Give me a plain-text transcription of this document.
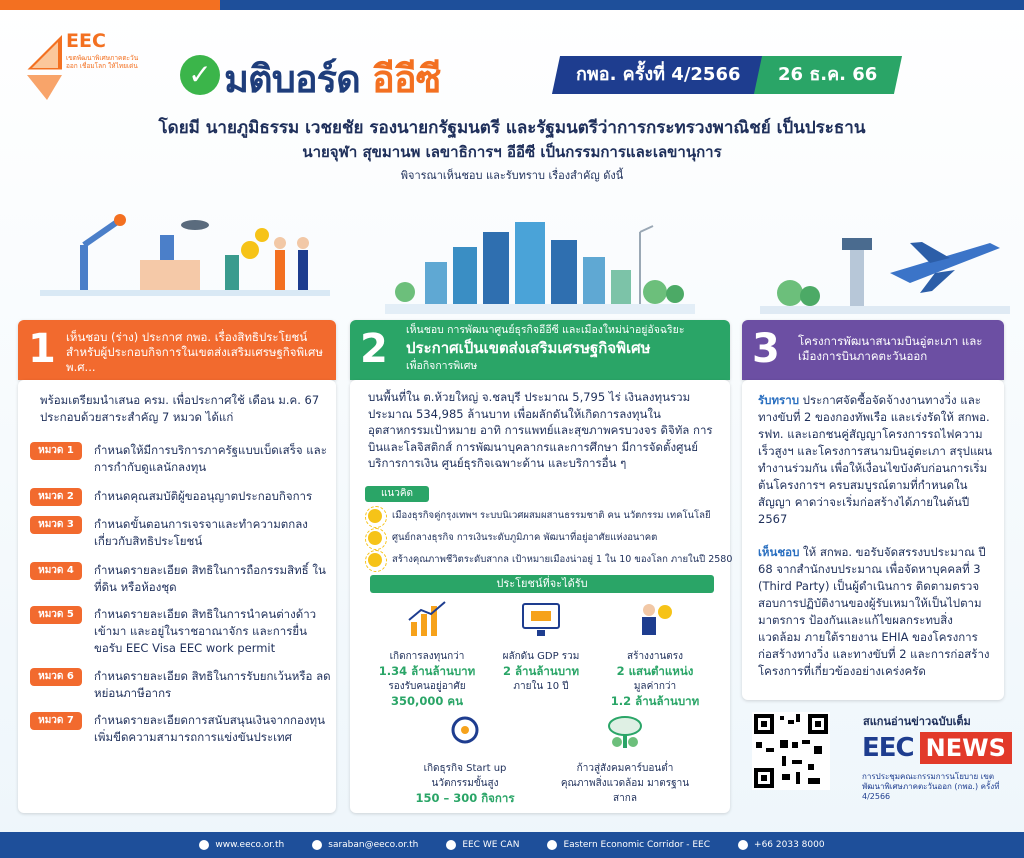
EEC
เขตพัฒนาพิเศษภาคตะวันออก เชื่อมโลก ให้ไทยเด่น ✓ มติบอร์ด อีอีซี	กพอ. ครั้งที่ 4/2566	26 ธ.ค. 66
โดยมี นายภูมิธรรม เวชยชัย รองนายกรัฐมนตรี และรัฐมนตรีว่าการกระทรวงพาณิชย์ เป็นประธาน
นายจุฬา สุขมานพ เลขาธิการฯ อีอีซี เป็นกรรมการและเลขานุการ
พิจารณาเห็นชอบ และรับทราบ เรื่องสำคัญ ดังนี้
1 เห็นชอบ (ร่าง) ประกาศ กพอ. เรื่องสิทธิประโยชน์สำหรับผู้ประกอบกิจการในเขตส่งเสริมเศรษฐกิจพิเศษ พ.ศ...
พร้อมเตรียมนำเสนอ ครม. เพื่อประกาศใช้ เดือน ม.ค. 67 ประกอบด้วยสาระสำคัญ 7 หมวด ได้แก่
หมวด 1	กำหนดให้มีการบริการภาครัฐแบบเบ็ดเสร็จ และการกำกับดูแลนักลงทุน
หมวด 2	กำหนดคุณสมบัติผู้ขออนุญาตประกอบกิจการ
หมวด 3	กำหนดขั้นตอนการเจรจาและทำความตกลง เกี่ยวกับสิทธิประโยชน์
หมวด 4	กำหนดรายละเอียด สิทธิในการถือกรรมสิทธิ์ ในที่ดิน หรือห้องชุด
หมวด 5	กำหนดรายละเอียด สิทธิในการนำคนต่างด้าวเข้ามา และอยู่ในราชอาณาจักร และการยื่นขอรับ EEC Visa EEC work permit
หมวด 6	กำหนดรายละเอียด สิทธิในการรับยกเว้นหรือ ลดหย่อนภาษีอากร
หมวด 7	กำหนดรายละเอียดการสนับสนุนเงินจากกองทุน เพิ่มขีดความสามารถการแข่งขันประเทศ
2 เห็นชอบ การพัฒนาศูนย์ธุรกิจอีอีซี และเมืองใหม่น่าอยู่อัจฉริยะ
ประกาศเป็นเขตส่งเสริมเศรษฐกิจพิเศษ
เพื่อกิจการพิเศษ
บนพื้นที่ใน ต.ห้วยใหญ่ จ.ชลบุรี ประมาณ 5,795 ไร่ เงินลงทุนรวมประมาณ 534,985 ล้านบาท เพื่อผลักดันให้เกิดการลงทุนในอุตสาหกรรมเป้าหมาย อาทิ การแพทย์และสุขภาพครบวงจร ดิจิทัล การบินและโลจิสติกส์ การพัฒนาบุคลากรและการศึกษา มีการจัดตั้งศูนย์บริการการเงิน ศูนย์ธุรกิจเฉพาะด้าน และบริการอื่น ๆ
แนวคิด
เมืองธุรกิจคู่กรุงเทพฯ ระบบนิเวศผสมผสานธรรมชาติ คน นวัตกรรม เทคโนโลยี
ศูนย์กลางธุรกิจ การเงินระดับภูมิภาค พัฒนาที่อยู่อาศัยแห่งอนาคต
สร้างคุณภาพชีวิตระดับสากล เป้าหมายเมืองน่าอยู่ 1 ใน 10 ของโลก ภายในปี 2580
ประโยชน์ที่จะได้รับ
เกิดการลงทุนกว่า
1.34 ล้านล้านบาท
รองรับคนอยู่อาศัย
350,000 คน
ผลักดัน GDP รวม
2 ล้านล้านบาท
ภายใน 10 ปี
สร้างงานตรง
2 แสนตำแหน่ง
มูลค่ากว่า
1.2 ล้านล้านบาท
เกิดธุรกิจ Start up
นวัตกรรมขั้นสูง
150 – 300 กิจการ
ก้าวสู่สังคมคาร์บอนต่ำ
คุณภาพสิ่งแวดล้อม มาตรฐานสากล
3 โครงการพัฒนาสนามบินอู่ตะเภา และเมืองการบินภาคตะวันออก
รับทราบ ประกาศจัดซื้อจัดจ้างงานทางวิ่ง และทางขับที่ 2 ของกองทัพเรือ และเร่งรัดให้ สกพอ. รฟท. และเอกชนคู่สัญญาโครงการรถไฟความเร็วสูงฯ และโครงการสนามบินอู่ตะเภา สรุปแผนทำงานร่วมกัน เพื่อให้เงื่อนไขบังคับก่อนการเริ่มต้นโครงการฯ ครบสมบูรณ์ตามที่กำหนดในสัญญา คาดว่าจะเริ่มก่อสร้างได้ภายในต้นปี 2567
เห็นชอบ ให้ สกพอ. ขอรับจัดสรรงบประมาณ ปี 68 จากสำนักงบประมาณ เพื่อจัดหาบุคคลที่ 3 (Third Party) เป็นผู้ดำเนินการ ติดตามตรวจสอบการปฏิบัติงานของผู้รับเหมาให้เป็นไปตามมาตรการ ป้องกันและแก้ไขผลกระทบสิ่งแวดล้อม ภายใต้รายงาน EHIA ของโครงการก่อสร้างทางวิ่ง และทางขับที่ 2 และการก่อสร้างโครงการที่เกี่ยวข้องอย่างเคร่งครัด
สแกนอ่านข่าวฉบับเต็ม
EEC NEWS
การประชุมคณะกรรมการนโยบาย เขตพัฒนาพิเศษภาคตะวันออก (กพอ.) ครั้งที่ 4/2566
www.eeco.or.th	saraban@eeco.or.th	EEC WE CAN	Eastern Economic Corridor - EEC	+66 2033 8000
